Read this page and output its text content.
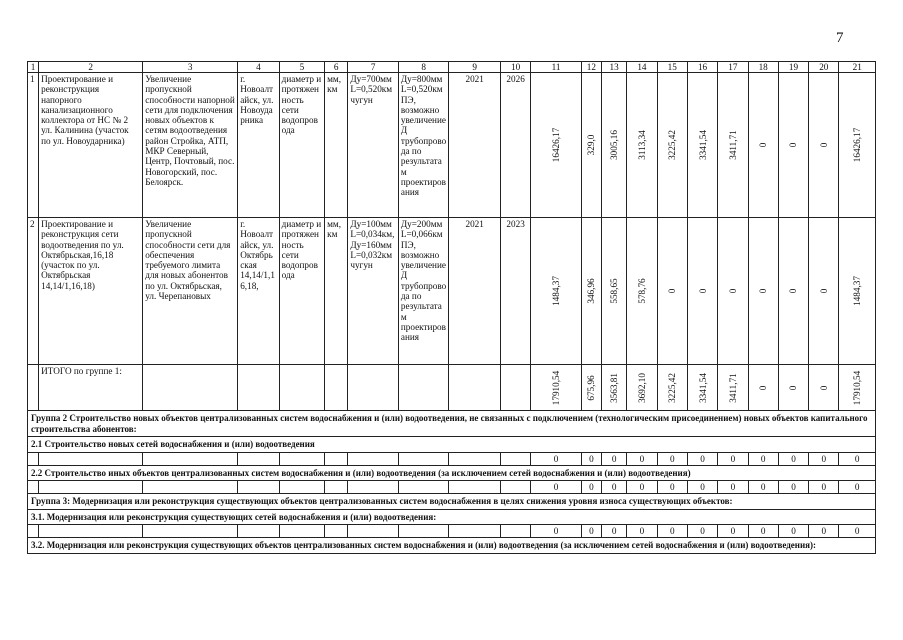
7
1	2	3	4	5	6	7	8	9	10	11	12	13	14	15	16	17	18	19	20	21
1	Проектирование и реконструкция напорного канализационного коллектора от НС № 2 ул. Калинина (участок по ул. Новоударника)	Увеличение пропускной способности напорной сети для подключения новых объектов к сетям водоотведения район Стройка, АТП, МКР Северный, Центр, Почтовый, пос. Новогорский, пос. Белоярск.	г. Новоалтайск, ул. Новоударника	диаметр и протяженность сети водопровода	мм, км	Ду=700мм L=0,520км чугун	Ду=800мм L=0,520км ПЭ, возможно увеличение Д трубопровода по результатам проектирования	2021	2026	16426,17	329,0	3005,16	3113,34	3225,42	3341,54	3411,71	0	0	0	16426,17

2	Проектирование и реконструкция сети водоотведения по ул. Октябрьская,16,18 (участок по ул. Октябрьская 14,14/1,16,18)	Увеличение пропускной способности сети для обеспечения требуемого лимита для новых абонентов по ул. Октябрьская, ул. Черепановых	г. Новоалтайск, ул. Октябрьская 14,14/1,16,18,	диаметр и протяженность сети водопровода	мм, км	Ду=100мм L=0,034км, Ду=160мм L=0,032км чугун	Ду=200мм L=0,066км ПЭ, возможно увеличение Д трубопровода по результатам проектирования	2021	2023	1484,37	346,96	558,65	578,76	0	0	0	0	0	0	1484,37

	ИТОГО по группе 1:									17910,54	675,96	3563,81	3692,10	3225,42	3341,54	3411,71	0	0	0	17910,54

Группа 2 Строительство новых объектов централизованных систем водоснабжения и (или) водоотведения, не связанных с подключением (технологическим присоединением) новых объектов капитального строительства абонентов:																				
2.1 Строительство новых сетей водоснабжения и (или) водоотведения																				
										0	0	0	0	0	0	0	0	0	0	0
2.2 Строительство иных объектов централизованных систем водоснабжения и (или) водоотведения (за исключением сетей водоснабжения и (или) водоотведения)																				
										0	0	0	0	0	0	0	0	0	0	0
Группа 3: Модернизация или реконструкция существующих объектов централизованных систем водоснабжения в целях снижения уровня износа существующих объектов:																				
3.1. Модернизация или реконструкция существующих сетей водоснабжения и (или) водоотведения:																				
										0	0	0	0	0	0	0	0	0	0	0
3.2. Модернизация или реконструкция существующих объектов централизованных систем водоснабжения и (или) водоотведения (за исключением сетей водоснабжения и (или) водоотведения):																				
